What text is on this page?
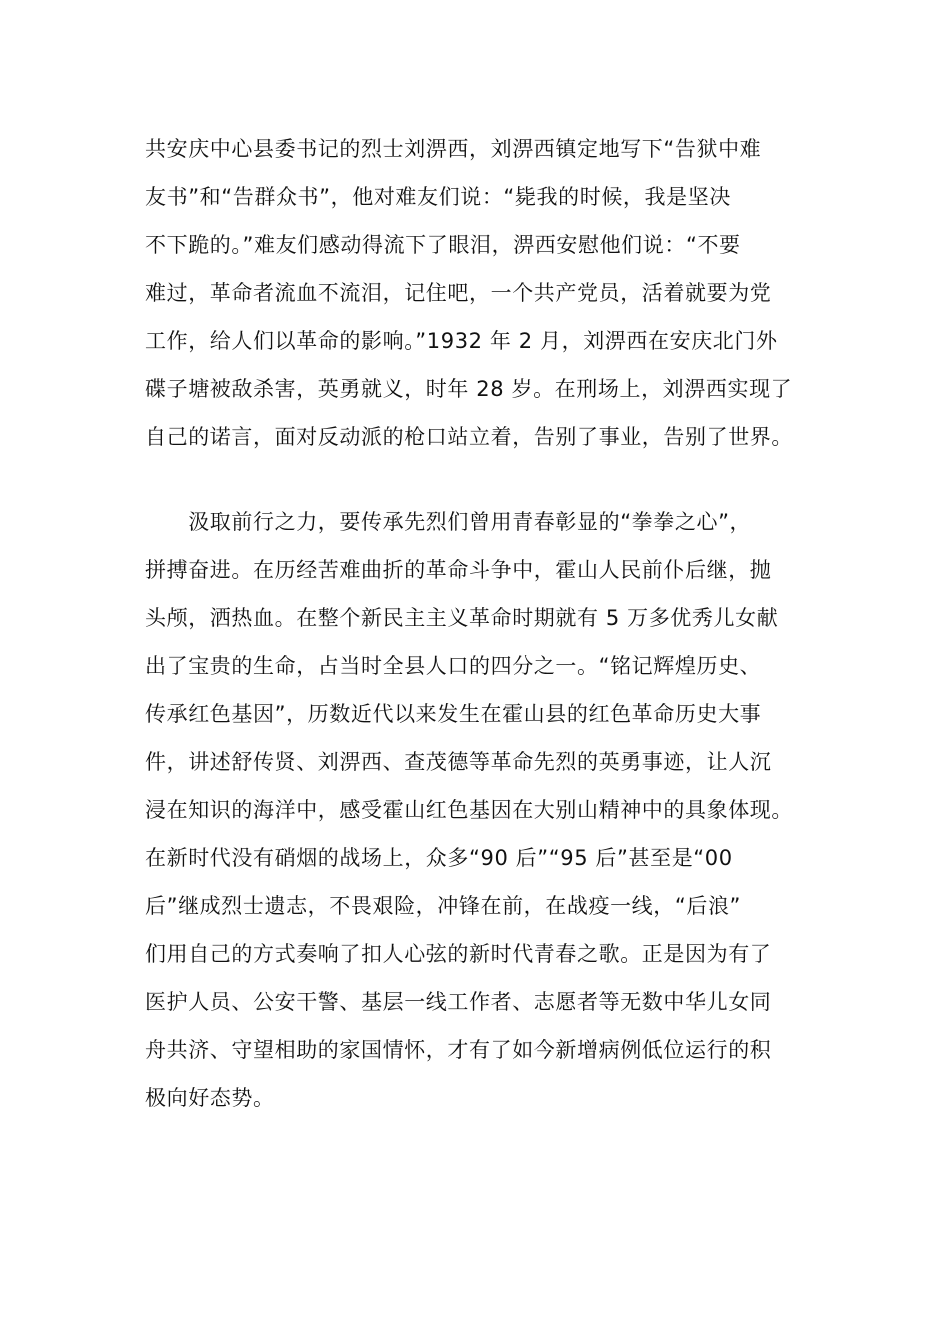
共安庆中心县委书记的烈士刘淠西，刘淠西镇定地写下“告狱中难
友书”和“告群众书”，他对难友们说：“毙我的时候，我是坚决
不下跪的。”难友们感动得流下了眼泪，淠西安慰他们说：“不要
难过，革命者流血不流泪，记住吧，一个共产党员，活着就要为党
工作，给人们以革命的影响。”1932 年 2 月，刘淠西在安庆北门外
碟子塘被敌杀害，英勇就义，时年 28 岁。在刑场上，刘淠西实现了
自己的诺言，面对反动派的枪口站立着，告别了事业，告别了世界。
　　汲取前行之力，要传承先烈们曾用青春彰显的“拳拳之心”，
拼搏奋进。在历经苦难曲折的革命斗争中，霍山人民前仆后继，抛
头颅，洒热血。在整个新民主主义革命时期就有 5 万多优秀儿女献
出了宝贵的生命，占当时全县人口的四分之一。“铭记辉煌历史、
传承红色基因”，历数近代以来发生在霍山县的红色革命历史大事
件，讲述舒传贤、刘淠西、查茂德等革命先烈的英勇事迹，让人沉
浸在知识的海洋中，感受霍山红色基因在大别山精神中的具象体现。
在新时代没有硝烟的战场上，众多“90 后”“95 后”甚至是“00
后”继成烈士遗志，不畏艰险，冲锋在前，在战疫一线，“后浪”
们用自己的方式奏响了扣人心弦的新时代青春之歌。正是因为有了
医护人员、公安干警、基层一线工作者、志愿者等无数中华儿女同
舟共济、守望相助的家国情怀，才有了如今新增病例低位运行的积
极向好态势。
